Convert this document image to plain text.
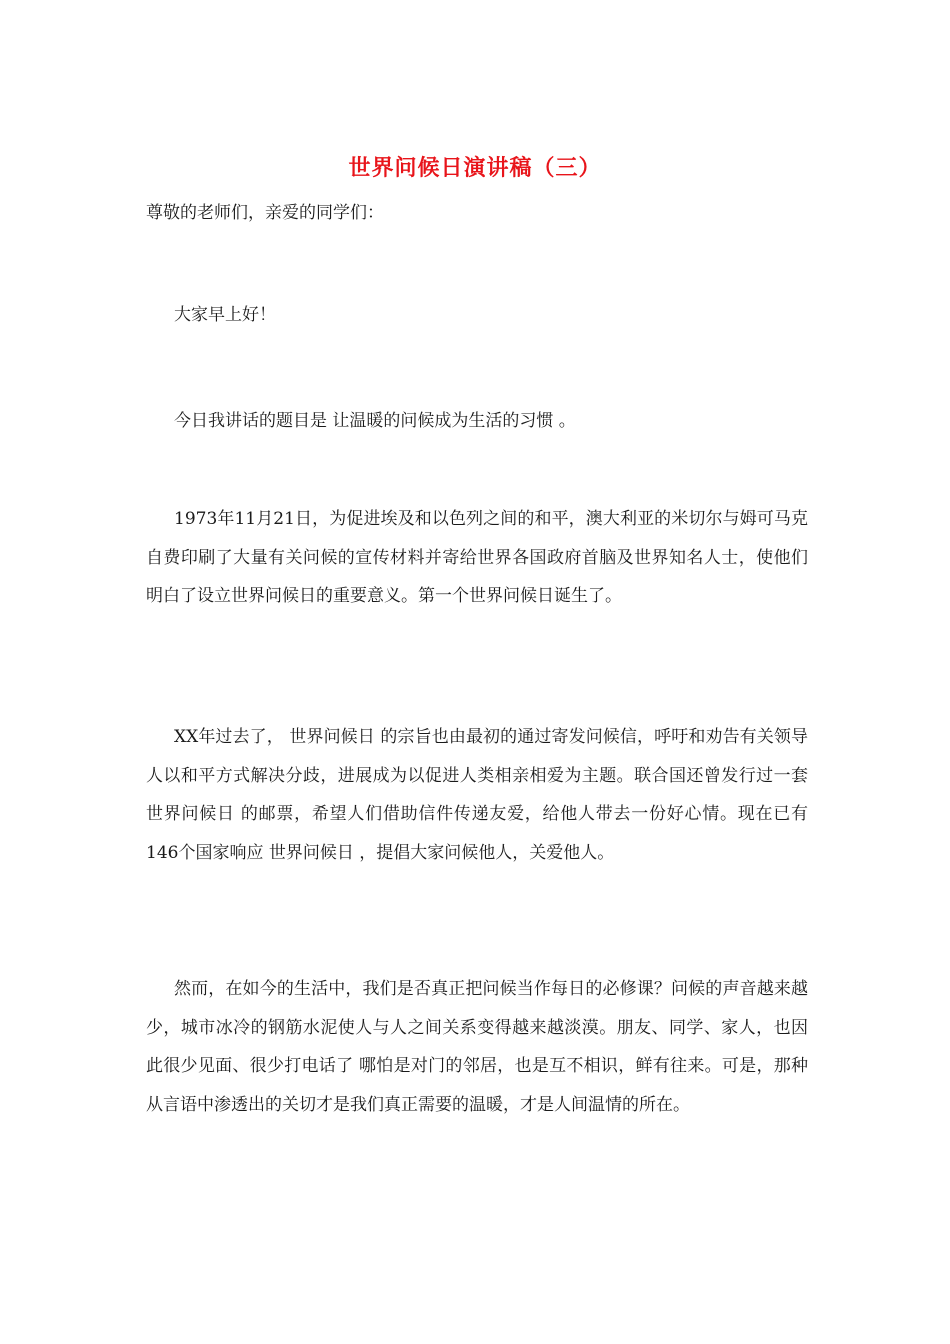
世界问候日演讲稿（三）
尊敬的老师们，亲爱的同学们：

大家早上好！

今日我讲话的题目是 让温暖的问候成为生活的习惯 。

1973年11月21日，为促进埃及和以色列之间的和平，澳大利亚的米切尔与姆可马克自费印刷了大量有关问候的宣传材料并寄给世界各国政府首脑及世界知名人士，使他们明白了设立世界问候日的重要意义。第一个世界问候日诞生了。

XX年过去了， 世界问候日 的宗旨也由最初的通过寄发问候信，呼吁和劝告有关领导人以和平方式解决分歧，进展成为以促进人类相亲相爱为主题。联合国还曾发行过一套 世界问候日 的邮票，希望人们借助信件传递友爱，给他人带去一份好心情。现在已有146个国家响应 世界问候日 ，提倡大家问候他人，关爱他人。

然而，在如今的生活中，我们是否真正把问候当作每日的必修课？问候的声音越来越少，城市冰冷的钢筋水泥使人与人之间关系变得越来越淡漠。朋友、同学、家人，也因此很少见面、很少打电话了 哪怕是对门的邻居，也是互不相识，鲜有往来。可是，那种从言语中渗透出的关切才是我们真正需要的温暖，才是人间温情的所在。
